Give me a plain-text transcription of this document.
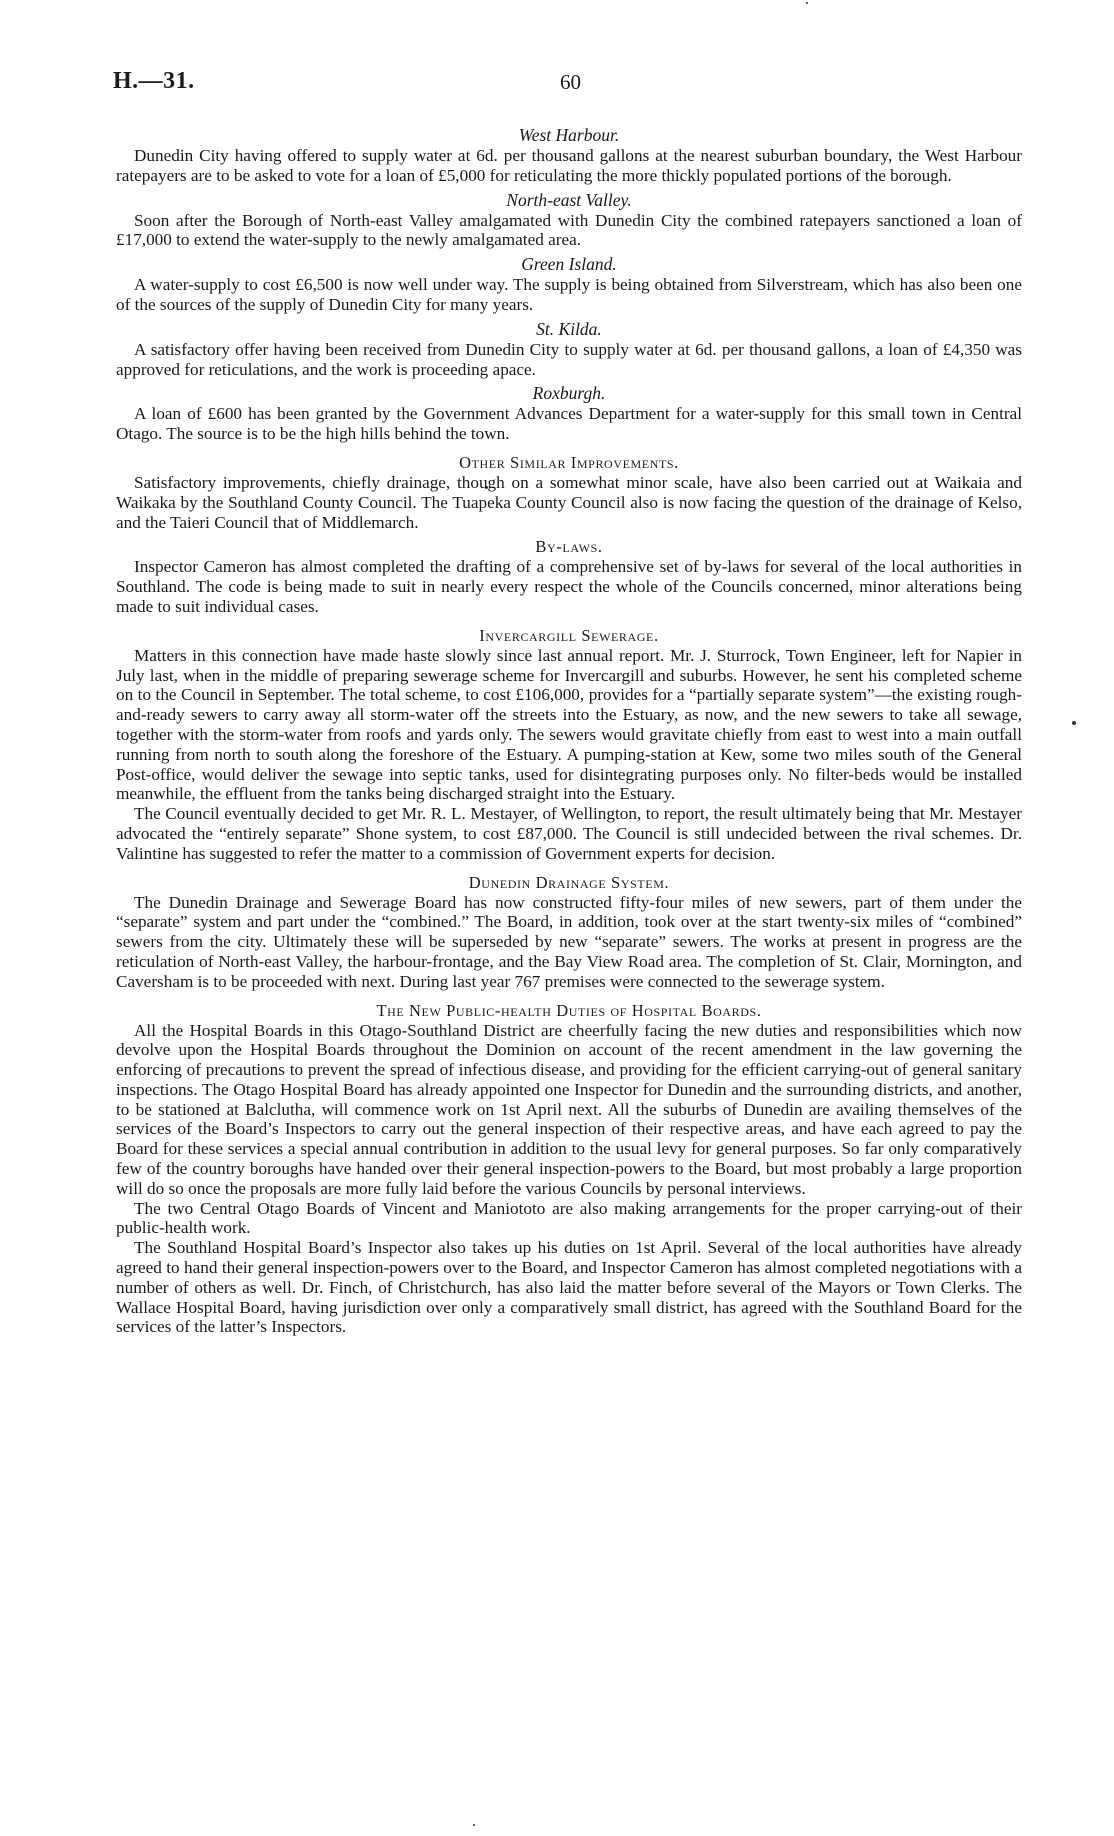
H.—31.	60
West Harbour.

Dunedin City having offered to supply water at 6d. per thousand gallons at the nearest suburban boundary, the West Harbour ratepayers are to be asked to vote for a loan of £5,000 for reticulating the more thickly populated portions of the borough.

North-east Valley.

Soon after the Borough of North-east Valley amalgamated with Dunedin City the combined ratepayers sanctioned a loan of £17,000 to extend the water-supply to the newly amalgamated area.

Green Island.

A water-supply to cost £6,500 is now well under way. The supply is being obtained from Silverstream, which has also been one of the sources of the supply of Dunedin City for many years.

St. Kilda.

A satisfactory offer having been received from Dunedin City to supply water at 6d. per thousand gallons, a loan of £4,350 was approved for reticulations, and the work is proceeding apace.

Roxburgh.

A loan of £600 has been granted by the Government Advances Department for a water-supply for this small town in Central Otago. The source is to be the high hills behind the town.

Other Similar Improvements.

Satisfactory improvements, chiefly drainage, though on a somewhat minor scale, have also been carried out at Waikaia and Waikaka by the Southland County Council. The Tuapeka County Council also is now facing the question of the drainage of Kelso, and the Taieri Council that of Middlemarch.

By-laws.

Inspector Cameron has almost completed the drafting of a comprehensive set of by-laws for several of the local authorities in Southland. The code is being made to suit in nearly every respect the whole of the Councils concerned, minor alterations being made to suit individual cases.

Invercargill Sewerage.

Matters in this connection have made haste slowly since last annual report. Mr. J. Sturrock, Town Engineer, left for Napier in July last, when in the middle of preparing sewerage scheme for Invercargill and suburbs. However, he sent his completed scheme on to the Council in September. The total scheme, to cost £106,000, provides for a “partially separate system”—the existing rough-and-ready sewers to carry away all storm-water off the streets into the Estuary, as now, and the new sewers to take all sewage, together with the storm-water from roofs and yards only. The sewers would gravitate chiefly from east to west into a main outfall running from north to south along the foreshore of the Estuary. A pumping-station at Kew, some two miles south of the General Post-office, would deliver the sewage into septic tanks, used for disintegrating purposes only. No filter-beds would be installed meanwhile, the effluent from the tanks being discharged straight into the Estuary.

The Council eventually decided to get Mr. R. L. Mestayer, of Wellington, to report, the result ultimately being that Mr. Mestayer advocated the “entirely separate” Shone system, to cost £87,000. The Council is still undecided between the rival schemes. Dr. Valintine has suggested to refer the matter to a commission of Government experts for decision.

Dunedin Drainage System.

The Dunedin Drainage and Sewerage Board has now constructed fifty-four miles of new sewers, part of them under the “separate” system and part under the “combined.” The Board, in addition, took over at the start twenty-six miles of “combined” sewers from the city. Ultimately these will be superseded by new “separate” sewers. The works at present in progress are the reticulation of North-east Valley, the harbour-frontage, and the Bay View Road area. The completion of St. Clair, Mornington, and Caversham is to be proceeded with next. During last year 767 premises were connected to the sewerage system.

The New Public-health Duties of Hospital Boards.

All the Hospital Boards in this Otago-Southland District are cheerfully facing the new duties and responsibilities which now devolve upon the Hospital Boards throughout the Dominion on account of the recent amendment in the law governing the enforcing of precautions to prevent the spread of infectious disease, and providing for the efficient carrying-out of general sanitary inspections. The Otago Hospital Board has already appointed one Inspector for Dunedin and the surrounding districts, and another, to be stationed at Balclutha, will commence work on 1st April next. All the suburbs of Dunedin are availing themselves of the services of the Board’s Inspectors to carry out the general inspection of their respective areas, and have each agreed to pay the Board for these services a special annual contribution in addition to the usual levy for general purposes. So far only comparatively few of the country boroughs have handed over their general inspection-powers to the Board, but most probably a large proportion will do so once the proposals are more fully laid before the various Councils by personal interviews.

The two Central Otago Boards of Vincent and Maniototo are also making arrangements for the proper carrying-out of their public-health work.

The Southland Hospital Board’s Inspector also takes up his duties on 1st April. Several of the local authorities have already agreed to hand their general inspection-powers over to the Board, and Inspector Cameron has almost completed negotiations with a number of others as well. Dr. Finch, of Christchurch, has also laid the matter before several of the Mayors or Town Clerks. The Wallace Hospital Board, having jurisdiction over only a comparatively small district, has agreed with the Southland Board for the services of the latter’s Inspectors.
